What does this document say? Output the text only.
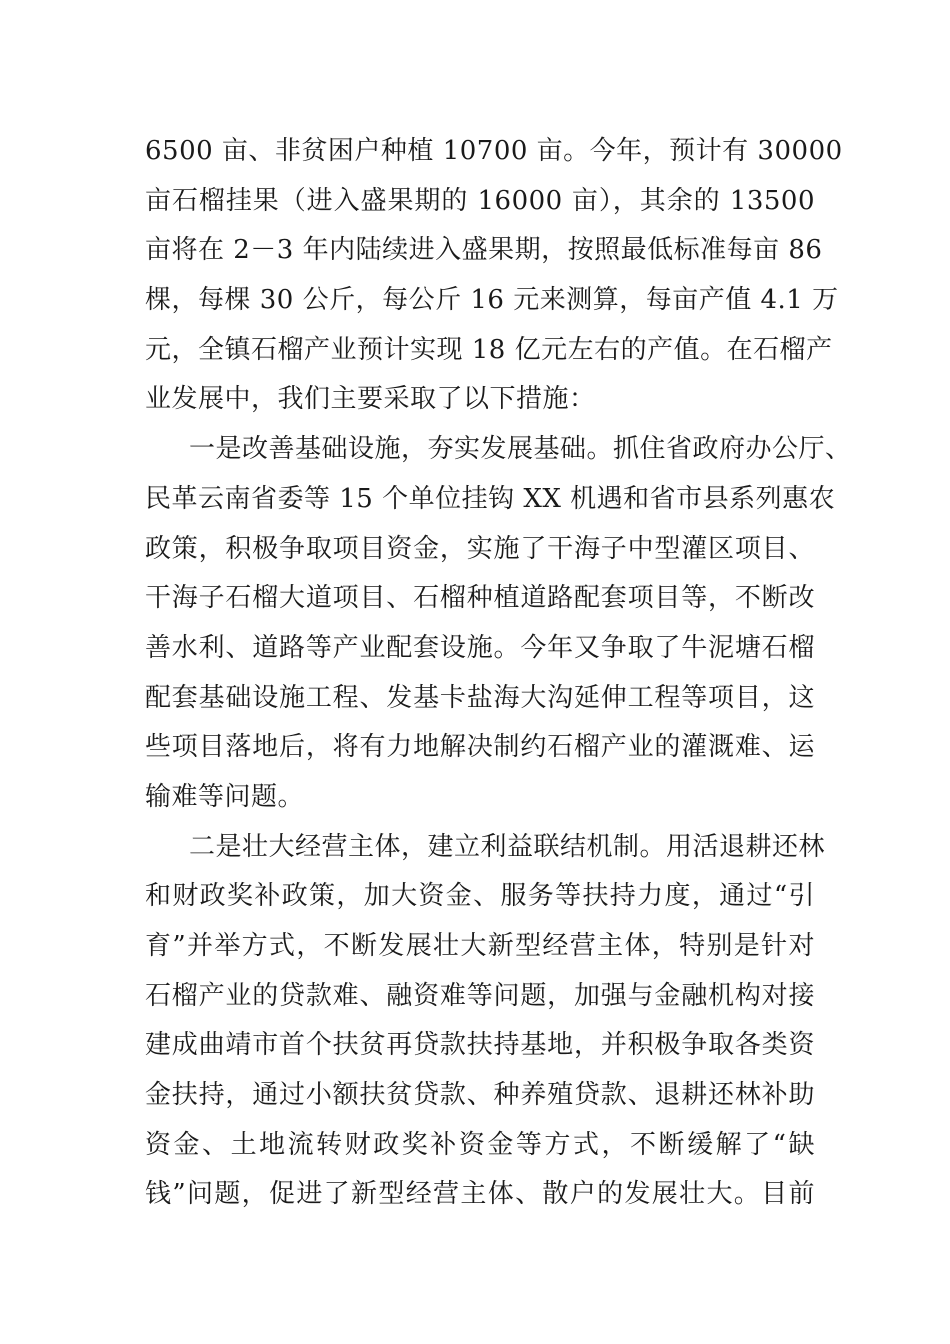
6500 亩、非贫困户种植 10700 亩。今年，预计有 30000
亩石榴挂果（进入盛果期的 16000 亩），其余的 13500
亩将在 2－3 年内陆续进入盛果期，按照最低标准每亩 86
棵，每棵 30 公斤，每公斤 16 元来测算，每亩产值 4.1 万
元，全镇石榴产业预计实现 18 亿元左右的产值。在石榴产
业发展中，我们主要采取了以下措施：
一是改善基础设施，夯实发展基础。抓住省政府办公厅、
民革云南省委等 15 个单位挂钩 XX 机遇和省市县系列惠农
政策，积极争取项目资金，实施了干海子中型灌区项目、
干海子石榴大道项目、石榴种植道路配套项目等，不断改
善水利、道路等产业配套设施。今年又争取了牛泥塘石榴
配套基础设施工程、发基卡盐海大沟延伸工程等项目，这
些项目落地后，将有力地解决制约石榴产业的灌溉难、运
输难等问题。
二是壮大经营主体，建立利益联结机制。用活退耕还林
和财政奖补政策，加大资金、服务等扶持力度，通过“引
育”并举方式，不断发展壮大新型经营主体，特别是针对
石榴产业的贷款难、融资难等问题，加强与金融机构对接
建成曲靖市首个扶贫再贷款扶持基地，并积极争取各类资
金扶持，通过小额扶贫贷款、种养殖贷款、退耕还林补助
资金、土地流转财政奖补资金等方式，不断缓解了“缺
钱”问题，促进了新型经营主体、散户的发展壮大。目前
